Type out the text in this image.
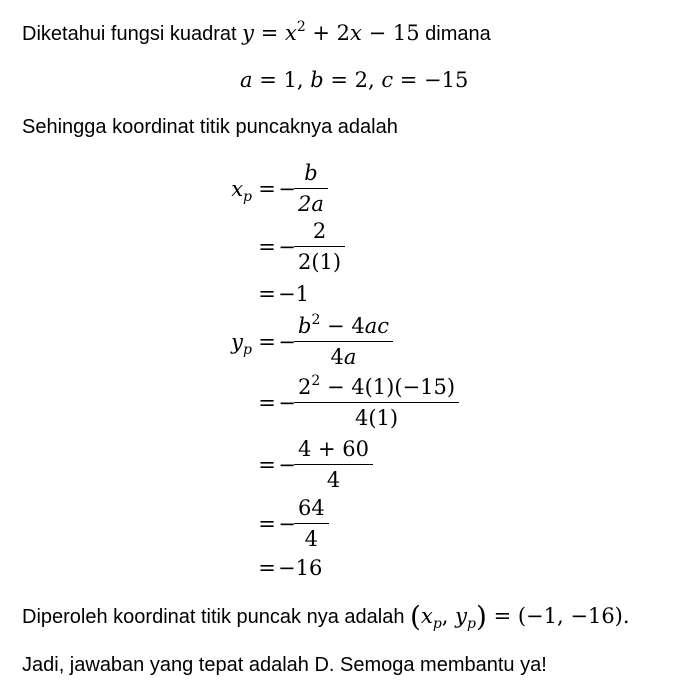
Diketahui fungsi kuadrat $y = x^2 + 2x - 15$ dimana
a = 1, b = 2, c = −15
Sehingga koordinat titik puncaknya adalah
$x_p$ = − $\frac{b}{2a}$
= − $\frac{2}{2(1)}$
= −1
$y_p$ = − $\frac{b^2 - 4ac}{4a}$
= − $\frac{2^2 - 4(1)(-15)}{4(1)}$
= − $\frac{4 + 60}{4}$
= − $\frac{64}{4}$
= −16
Diperoleh koordinat titik puncak nya adalah ($x_p$, $y_p) = (-1$, −16).
Jadi, jawaban yang tepat adalah D. Semoga membantu ya!
